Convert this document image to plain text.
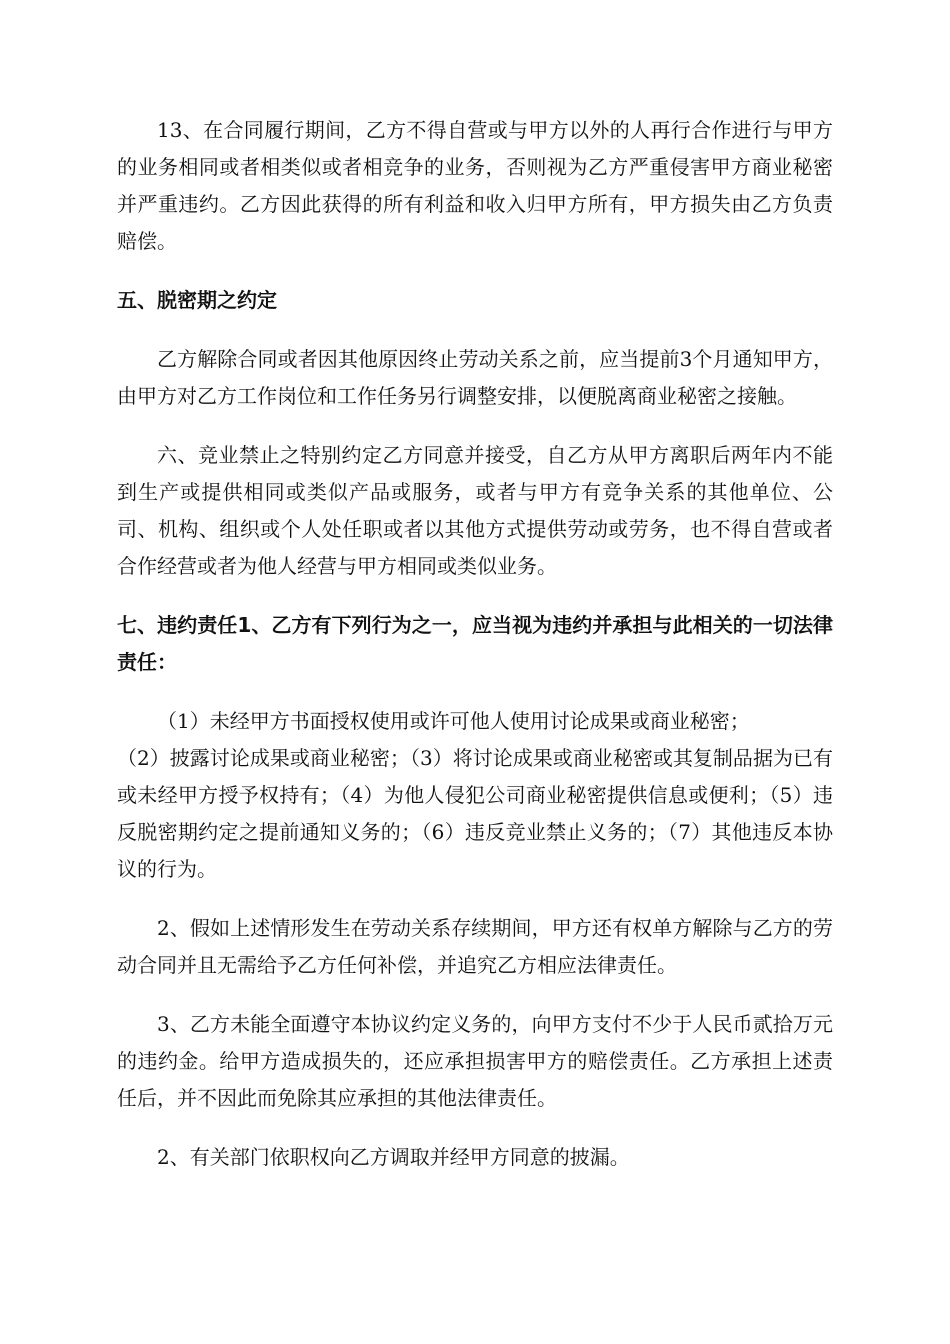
13、在合同履行期间，乙方不得自营或与甲方以外的人再行合作进行与甲方的业务相同或者相类似或者相竞争的业务，否则视为乙方严重侵害甲方商业秘密并严重违约。乙方因此获得的所有利益和收入归甲方所有，甲方损失由乙方负责赔偿。

五、脱密期之约定

乙方解除合同或者因其他原因终止劳动关系之前，应当提前3个月通知甲方，由甲方对乙方工作岗位和工作任务另行调整安排，以便脱离商业秘密之接触。

六、竞业禁止之特别约定乙方同意并接受，自乙方从甲方离职后两年内不能到生产或提供相同或类似产品或服务，或者与甲方有竞争关系的其他单位、公司、机构、组织或个人处任职或者以其他方式提供劳动或劳务，也不得自营或者合作经营或者为他人经营与甲方相同或类似业务。

七、违约责任1、乙方有下列行为之一，应当视为违约并承担与此相关的一切法律责任：

（1）未经甲方书面授权使用或许可他人使用讨论成果或商业秘密；

（2）披露讨论成果或商业秘密；（3）将讨论成果或商业秘密或其复制品据为已有或未经甲方授予权持有；（4）为他人侵犯公司商业秘密提供信息或便利；（5）违反脱密期约定之提前通知义务的；（6）违反竞业禁止义务的；（7）其他违反本协议的行为。

2、假如上述情形发生在劳动关系存续期间，甲方还有权单方解除与乙方的劳动合同并且无需给予乙方任何补偿，并追究乙方相应法律责任。

3、乙方未能全面遵守本协议约定义务的，向甲方支付不少于人民币贰拾万元的违约金。给甲方造成损失的，还应承担损害甲方的赔偿责任。乙方承担上述责任后，并不因此而免除其应承担的其他法律责任。

2、有关部门依职权向乙方调取并经甲方同意的披漏。
